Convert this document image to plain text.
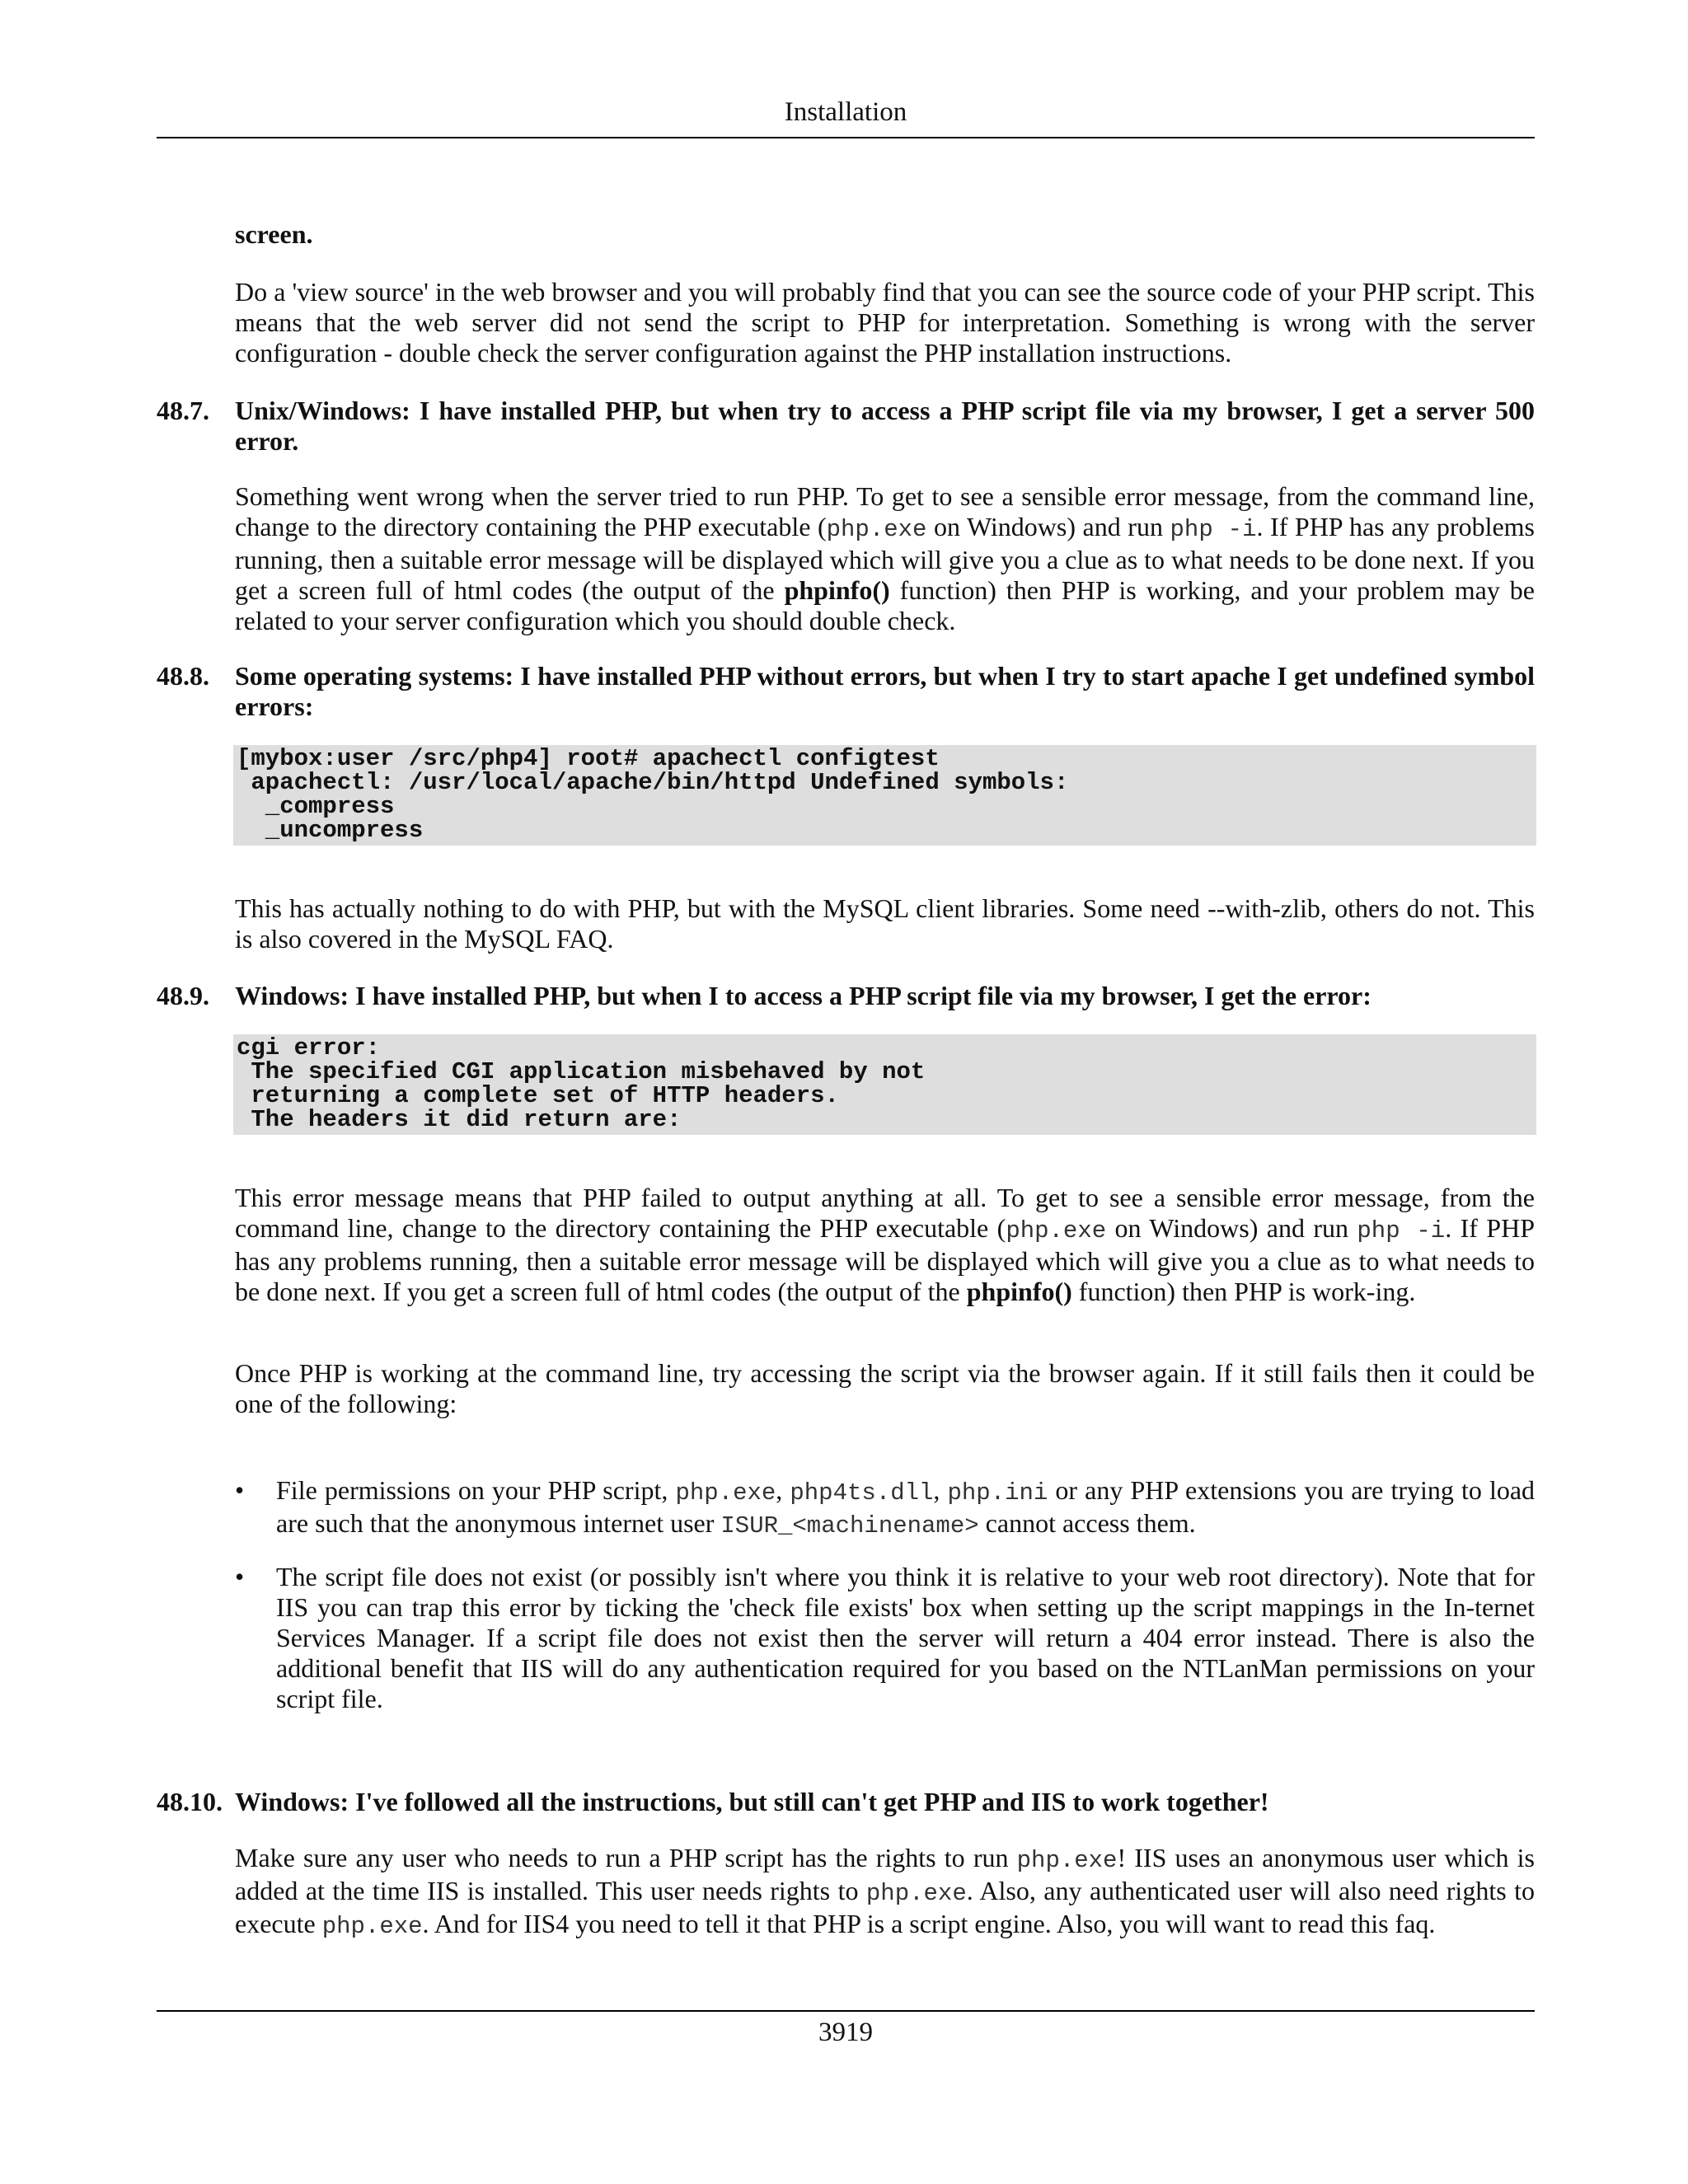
Installation

screen.

Do a 'view source' in the web browser and you will probably find that you can see the source code of your PHP script. This means that the web server did not send the script to PHP for interpretation. Something is wrong with the server configuration - double check the server configuration against the PHP installation instructions.

48.7. Unix/Windows: I have installed PHP, but when try to access a PHP script file via my browser, I get a server 500 error.

Something went wrong when the server tried to run PHP. To get to see a sensible error message, from the command line, change to the directory containing the PHP executable (php.exe on Windows) and run php -i. If PHP has any problems running, then a suitable error message will be displayed which will give you a clue as to what needs to be done next. If you get a screen full of html codes (the output of the phpinfo() function) then PHP is working, and your problem may be related to your server configuration which you should double check.

48.8. Some operating systems: I have installed PHP without errors, but when I try to start apache I get undefined symbol errors:
[mybox:user /src/php4] root# apachectl configtest
apachectl: /usr/local/apache/bin/httpd Undefined symbols:
_compress
_uncompress

This has actually nothing to do with PHP, but with the MySQL client libraries. Some need --with-zlib, others do not. This is also covered in the MySQL FAQ.

48.9. Windows: I have installed PHP, but when I to access a PHP script file via my browser, I get the error:
cgi error:
The specified CGI application misbehaved by not
returning a complete set of HTTP headers.
The headers it did return are:

This error message means that PHP failed to output anything at all. To get to see a sensible error message, from the command line, change to the directory containing the PHP executable (php.exe on Windows) and run php -i. If PHP has any problems running, then a suitable error message will be displayed which will give you a clue as to what needs to be done next. If you get a screen full of html codes (the output of the phpinfo() function) then PHP is work-ing.

Once PHP is working at the command line, try accessing the script via the browser again. If it still fails then it could be one of the following:

• File permissions on your PHP script, php.exe, php4ts.dll, php.ini or any PHP extensions you are trying to load are such that the anonymous internet user ISUR_<machinename> cannot access them.

• The script file does not exist (or possibly isn't where you think it is relative to your web root directory). Note that for IIS you can trap this error by ticking the 'check file exists' box when setting up the script mappings in the In-ternet Services Manager. If a script file does not exist then the server will return a 404 error instead. There is also the additional benefit that IIS will do any authentication required for you based on the NTLanMan permissions on your script file.

48.10. Windows: I've followed all the instructions, but still can't get PHP and IIS to work together!

Make sure any user who needs to run a PHP script has the rights to run php.exe! IIS uses an anonymous user which is added at the time IIS is installed. This user needs rights to php.exe. Also, any authenticated user will also need rights to execute php.exe. And for IIS4 you need to tell it that PHP is a script engine. Also, you will want to read this faq.

3919
